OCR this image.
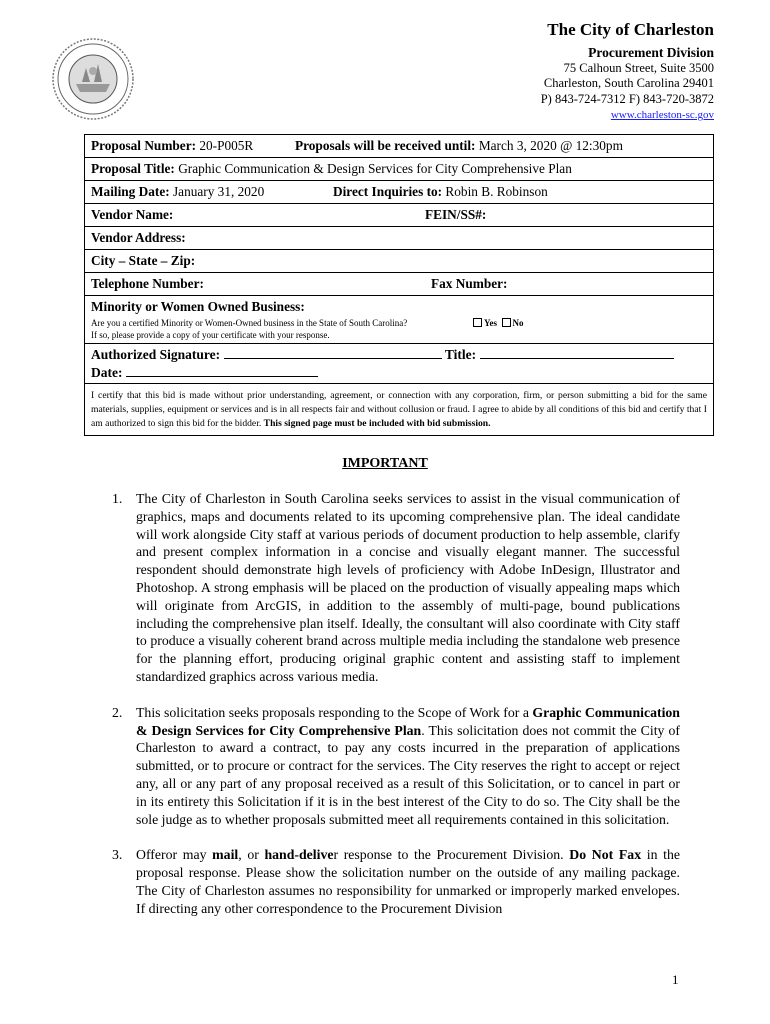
The City of Charleston
Procurement Division
75 Calhoun Street, Suite 3500
Charleston, South Carolina 29401
P) 843-724-7312 F) 843-720-3872
www.charleston-sc.gov
Proposal Number: 20-P005R	Proposals will be received until: March 3, 2020 @ 12:30pm
Proposal Title: Graphic Communication & Design Services for City Comprehensive Plan
Mailing Date: January 31, 2020	Direct Inquiries to: Robin B. Robinson
Vendor Name:	FEIN/SS#:
Vendor Address:
City – State – Zip:
Telephone Number:	Fax Number:
Minority or Women Owned Business:
Are you a certified Minority or Women-Owned business in the State of South Carolina?	Yes No
If so, please provide a copy of your certificate with your response.
Authorized Signature:	Title:
Date:
I certify that this bid is made without prior understanding, agreement, or connection with any corporation, firm, or person submitting a bid for the same materials, supplies, equipment or services and is in all respects fair and without collusion or fraud. I agree to abide by all conditions of this bid and certify that I am authorized to sign this bid for the bidder. This signed page must be included with bid submission.
IMPORTANT
1. The City of Charleston in South Carolina seeks services to assist in the visual communication of graphics, maps and documents related to its upcoming comprehensive plan. The ideal candidate will work alongside City staff at various periods of document production to help assemble, clarify and present complex information in a concise and visually elegant manner. The successful respondent should demonstrate high levels of proficiency with Adobe InDesign, Illustrator and Photoshop. A strong emphasis will be placed on the production of visually appealing maps which will originate from ArcGIS, in addition to the assembly of multi-page, bound publications including the comprehensive plan itself. Ideally, the consultant will also coordinate with City staff to produce a visually coherent brand across multiple media including the standalone web presence for the planning effort, producing original graphic content and assisting staff to implement standardized graphics across various media.
2. This solicitation seeks proposals responding to the Scope of Work for a Graphic Communication & Design Services for City Comprehensive Plan. This solicitation does not commit the City of Charleston to award a contract, to pay any costs incurred in the preparation of applications submitted, or to procure or contract for the services. The City reserves the right to accept or reject any, all or any part of any proposal received as a result of this Solicitation, or to cancel in part or in its entirety this Solicitation if it is in the best interest of the City to do so. The City shall be the sole judge as to whether proposals submitted meet all requirements contained in this solicitation.
3. Offeror may mail, or hand-deliver response to the Procurement Division. Do Not Fax in the proposal response. Please show the solicitation number on the outside of any mailing package. The City of Charleston assumes no responsibility for unmarked or improperly marked envelopes. If directing any other correspondence to the Procurement Division
1
